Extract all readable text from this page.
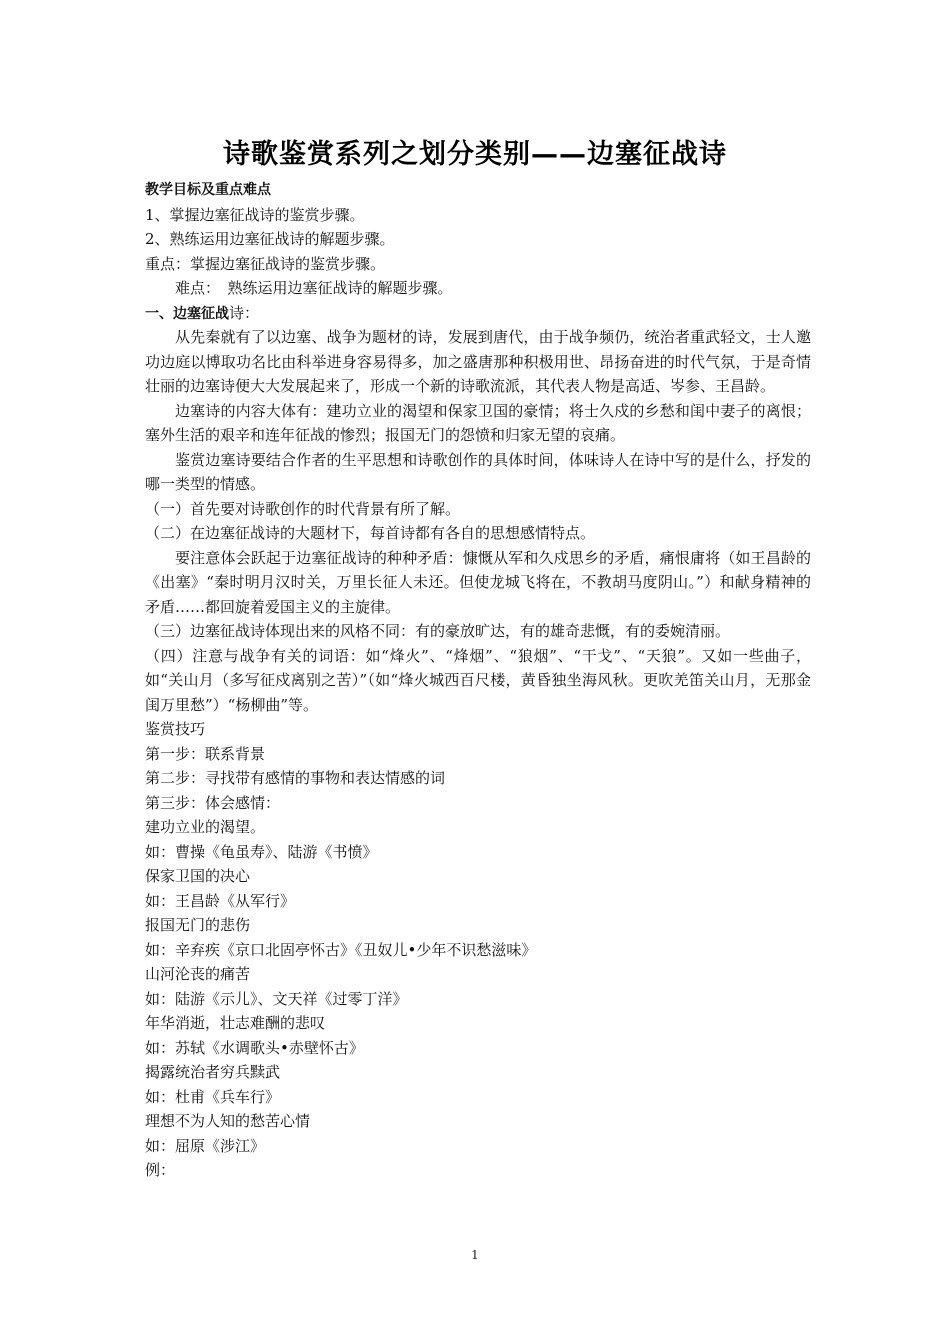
诗歌鉴赏系列之划分类别——边塞征战诗
教学目标及重点难点
1、掌握边塞征战诗的鉴赏步骤。
2、熟练运用边塞征战诗的解题步骤。
重点：掌握边塞征战诗的鉴赏步骤。
难点：　熟练运用边塞征战诗的解题步骤。
一、边塞征战诗：
从先秦就有了以边塞、战争为题材的诗，发展到唐代，由于战争频仍，统治者重武轻文，士人邀功边庭以博取功名比由科举进身容易得多，加之盛唐那种积极用世、昂扬奋进的时代气氛，于是奇情壮丽的边塞诗便大大发展起来了，形成一个新的诗歌流派，其代表人物是高适、岑参、王昌龄。
边塞诗的内容大体有：建功立业的渴望和保家卫国的豪情；将士久戍的乡愁和闺中妻子的离恨；塞外生活的艰辛和连年征战的惨烈；报国无门的怨愤和归家无望的哀痛。
鉴赏边塞诗要结合作者的生平思想和诗歌创作的具体时间，体味诗人在诗中写的是什么，抒发的哪一类型的情感。
（一）首先要对诗歌创作的时代背景有所了解。
（二）在边塞征战诗的大题材下，每首诗都有各自的思想感情特点。
要注意体会跃起于边塞征战诗的种种矛盾：慷慨从军和久戍思乡的矛盾，痛恨庸将（如王昌龄的《出塞》“秦时明月汉时关，万里长征人未还。但使龙城飞将在，不教胡马度阴山。”）和献身精神的矛盾……都回旋着爱国主义的主旋律。
（三）边塞征战诗体现出来的风格不同：有的豪放旷达，有的雄奇悲慨，有的委婉清丽。
（四）注意与战争有关的词语：如“烽火”、“烽烟”、“狼烟”、“干戈”、“天狼”。又如一些曲子，如“关山月（多写征戍离别之苦）”（如“烽火城西百尺楼，黄昏独坐海风秋。更吹羌笛关山月，无那金闺万里愁”）“杨柳曲”等。
鉴赏技巧
第一步：联系背景
第二步：寻找带有感情的事物和表达情感的词
第三步：体会感情：
建功立业的渴望。
如：曹操《龟虽寿》、陆游《书愤》
保家卫国的决心
如：王昌龄《从军行》
报国无门的悲伤
如：辛弃疾《京口北固亭怀古》《丑奴儿•少年不识愁滋味》
山河沦丧的痛苦
如：陆游《示儿》、文天祥《过零丁洋》
年华消逝，壮志难酬的悲叹
如：苏轼《水调歌头•赤壁怀古》
揭露统治者穷兵黩武
如：杜甫《兵车行》
理想不为人知的愁苦心情
如：屈原《涉江》
例：
1
